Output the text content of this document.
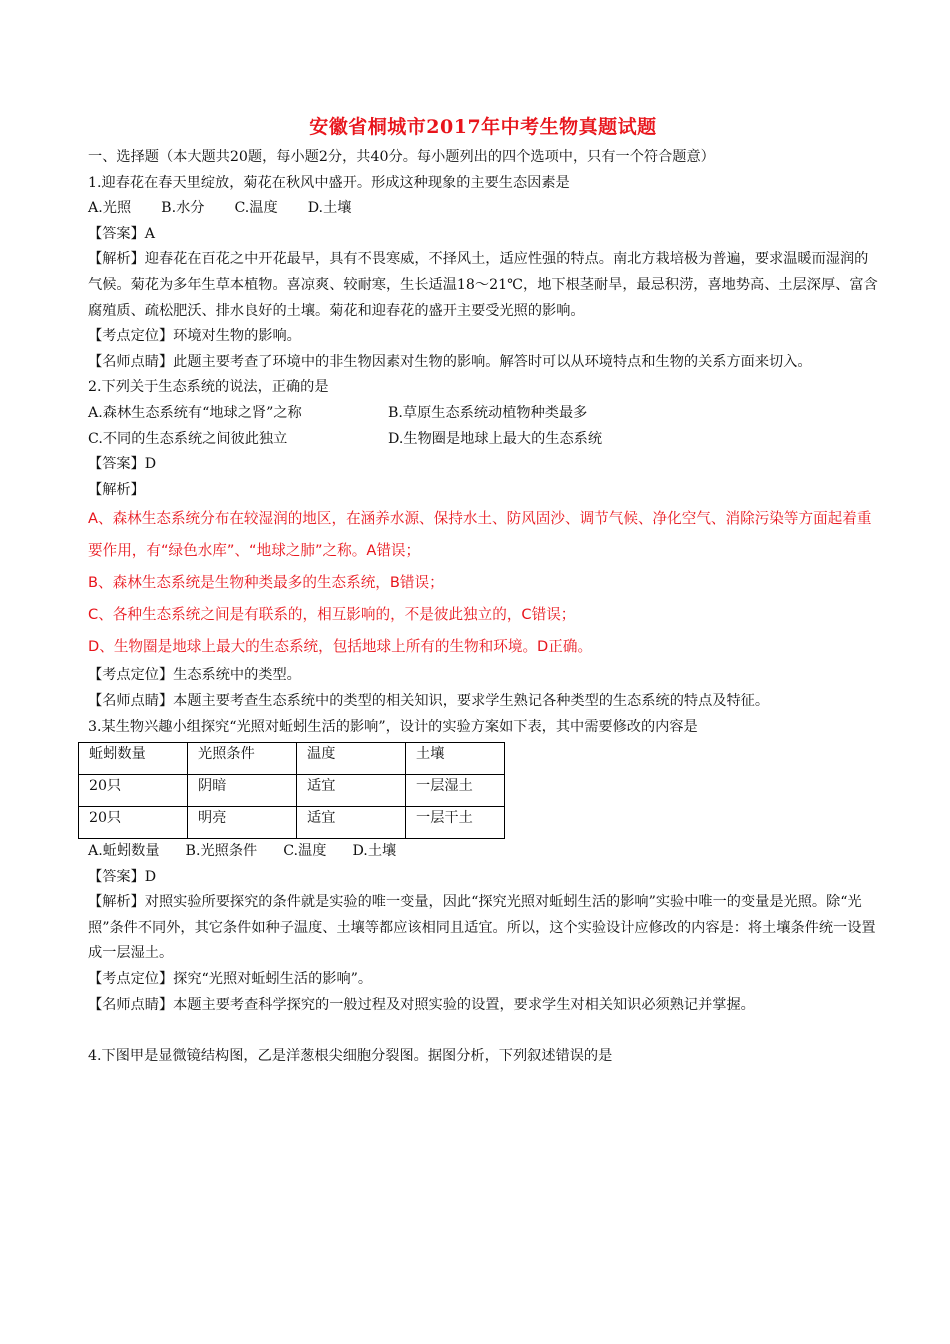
安徽省桐城市2017年中考生物真题试题
一、选择题（本大题共20题，每小题2分，共40分。每小题列出的四个选项中，只有一个符合题意）
1.迎春花在春天里绽放，菊花在秋风中盛开。形成这种现象的主要生态因素是
A.光照 B.水分 C.温度 D.土壤
【答案】A
【解析】迎春花在百花之中开花最早，具有不畏寒威，不择风土，适应性强的特点。南北方栽培极为普遍，要求温暖而湿润的气候。菊花为多年生草本植物。喜凉爽、较耐寒，生长适温18～21℃，地下根茎耐旱，最忌积涝，喜地势高、土层深厚、富含腐殖质、疏松肥沃、排水良好的土壤。菊花和迎春花的盛开主要受光照的影响。
【考点定位】环境对生物的影响。
【名师点睛】此题主要考查了环境中的非生物因素对生物的影响。解答时可以从环境特点和生物的关系方面来切入。
2.下列关于生态系统的说法，正确的是
A.森林生态系统有“地球之肾”之称	B.草原生态系统动植物种类最多
C.不同的生态系统之间彼此独立	D.生物圈是地球上最大的生态系统
【答案】D
【解析】
A、森林生态系统分布在较湿润的地区，在涵养水源、保持水土、防风固沙、调节气候、净化空气、消除污染等方面起着重要作用，有“绿色水库”、“地球之肺”之称。A错误；
B、森林生态系统是生物种类最多的生态系统，B错误；
C、各种生态系统之间是有联系的，相互影响的，不是彼此独立的，C错误；
D、生物圈是地球上最大的生态系统，包括地球上所有的生物和环境。D正确。
【考点定位】生态系统中的类型。
【名师点睛】本题主要考查生态系统中的类型的相关知识，要求学生熟记各种类型的生态系统的特点及特征。
3.某生物兴趣小组探究“光照对蚯蚓生活的影响”，设计的实验方案如下表，其中需要修改的内容是
蚯蚓数量	光照条件	温度	土壤
20只	阴暗	适宜	一层湿土
20只	明亮	适宜	一层干土
A.蚯蚓数量 B.光照条件 C.温度 D.土壤
【答案】D
【解析】对照实验所要探究的条件就是实验的唯一变量，因此“探究光照对蚯蚓生活的影响”实验中唯一的变量是光照。除“光照”条件不同外，其它条件如种子温度、土壤等都应该相同且适宜。所以，这个实验设计应修改的内容是：将土壤条件统一设置成一层湿土。
【考点定位】探究“光照对蚯蚓生活的影响”。
【名师点睛】本题主要考查科学探究的一般过程及对照实验的设置，要求学生对相关知识必须熟记并掌握。
4.下图甲是显微镜结构图，乙是洋葱根尖细胞分裂图。据图分析，下列叙述错误的是
